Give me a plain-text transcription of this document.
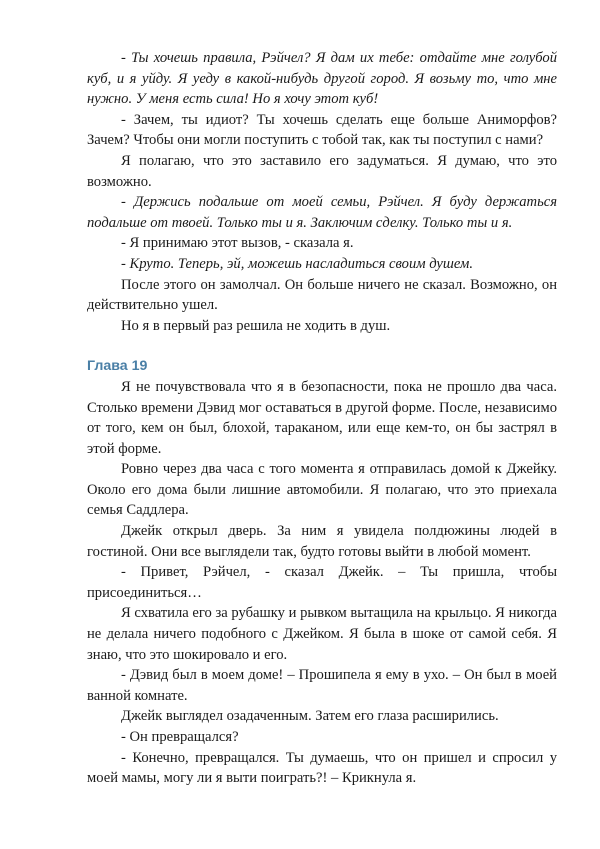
- Ты хочешь правила, Рэйчел? Я дам их тебе: отдайте мне голубой куб, и я уйду. Я уеду в какой-нибудь другой город. Я возьму то, что мне нужно. У меня есть сила! Но я хочу этот куб!

- Зачем, ты идиот? Ты хочешь сделать еще больше Аниморфов? Зачем? Чтобы они могли поступить с тобой так, как ты поступил с нами?

Я полагаю, что это заставило его задуматься. Я думаю, что это возможно.

- Держись подальше от моей семьи, Рэйчел. Я буду держаться подальше от твоей. Только ты и я. Заключим сделку. Только ты и я.

- Я принимаю этот вызов, - сказала я.

- Круто. Теперь, эй, можешь насладиться своим душем.

После этого он замолчал. Он больше ничего не сказал. Возможно, он действительно ушел.

Но я в первый раз решила не ходить в душ.

Глава 19

Я не почувствовала что я в безопасности, пока не прошло два часа. Столько времени Дэвид мог оставаться в другой форме. После, независимо от того, кем он был, блохой, тараканом, или еще кем-то, он бы застрял в этой форме.

Ровно через два часа с того момента я отправилась домой к Джейку. Около его дома были лишние автомобили. Я полагаю, что это приехала семья Саддлера.

Джейк открыл дверь. За ним я увидела полдюжины людей в гостиной. Они все выглядели так, будто готовы выйти в любой момент.

- Привет, Рэйчел, - сказал Джейк. – Ты пришла, чтобы присоединиться…

Я схватила его за рубашку и рывком вытащила на крыльцо. Я никогда не делала ничего подобного с Джейком. Я была в шоке от самой себя. Я знаю, что это шокировало и его.

- Дэвид был в моем доме! – Прошипела я ему в ухо. – Он был в моей ванной комнате.

Джейк выглядел озадаченным. Затем его глаза расширились.

- Он превращался?

- Конечно, превращался. Ты думаешь, что он пришел и спросил у моей мамы, могу ли я выти поиграть?! – Крикнула я.
